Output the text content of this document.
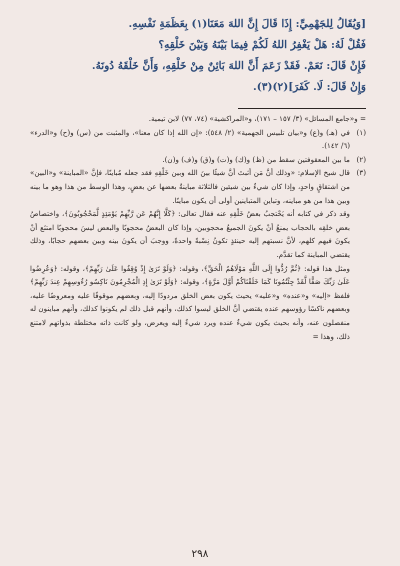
[وَيُقَالُ لِلجَهْمِيِّ: إِذَا قَالَ إِنَّ اللهَ مَعَنَا(١) بِعَظَمَةِ نَفْسِهِ.

فَقُلْ لَهُ: هَلْ يَغْفِرُ اللهُ لَكُمْ فِيمَا بَيْنَهُ وَبَيْنَ خَلْقِهِ؟

فَإِنْ قَالَ: نَعَمْ. فَقَدْ زَعَمَ أَنَّ اللهَ بَائِنٌ مِنْ خَلْقِهِ، وَأَنَّ خَلْقَهُ دُونَهُ.

وَإِنْ قَالَ: لَا. كَفَرَ](٢)(٣).

= و«جامع المسائل» (٣/ ١٥٧ – ١٧١)، و«المراكشية» (٧٤، ٧٧) لابن تيمية.
(١)
في (هـ) و(ع) و«بيان تلبيس الجهمية» (٢/ ٥٤٨): «إن الله إذا كان معنا»، والمثبت من (س) و(ح) و«الدرء» (٦/ ١٤٢).
(٢)
ما بين المعقوفتين سقط من (ظ) و(ك) و(ت) و(ق) و(ف) و(ن).
(٣)
قال شيخ الإسلام: «وذلك أنَّ مَن أثبتَ أنَّ شيئًا بينَ الله وبين خَلْقِهِ فقد جعله مُباينًا، فإنَّ «المباينة» و«البين» من اشتقاقٍ واحدٍ، وإذا كان شيءٌ بين شيئين فالثلاثة مباينةٌ بعضها عن بعضٍ، وهذا الوسط من هذا وهو ما بينه وبين هذا من هو مباينه، وتباين المتباينين أولى أن يكون مباينًا.
وقد ذكر في كتابه أنه يَحْتجبُ بعضُ خَلْقِهِ عنه فقال تعالى: ﴿كَلَّا إِنَّهُمْ عَن رَّبِّهِمْ يَوْمَئِذٍ لَّمَحْجُوبُونَ﴾، واختصاصُ بعضِ خلقِه بالحجاب يمنعُ أنْ يكونَ الجميعُ محجوبين، وإذا كان البعضُ محجوبًا والبعض ليسَ محجوبًا امتنَع أنْ يكونَ فيهم كلهم، لأنَّ نسبتهم إليه حينئذٍ تكونُ نِسْبةً واحدةً، ووجبَ أن يكونَ بينه وبين بعضهم حجابًا، وذلك يقتضي المباينة كما تقدَّم.
ومثل هذا قوله: ﴿ثُمَّ رُدُّوا إِلَى اللَّهِ مَوْلَاهُمُ الْحَقِّ﴾، وقوله: ﴿وَلَوْ تَرَىٰ إِذْ وُقِفُوا عَلَىٰ رَبِّهِمْ﴾، وقوله: ﴿وَعُرِضُوا عَلَىٰ رَبِّكَ صَفًّا لَّقَدْ جِئْتُمُونَا كَمَا خَلَقْنَاكُمْ أَوَّلَ مَرَّةٍ﴾، وقوله: ﴿وَلَوْ تَرَىٰ إِذِ الْمُجْرِمُونَ نَاكِسُو رُءُوسِهِمْ عِندَ رَبِّهِمْ﴾ فلفظ «إليه» و«عنده» و«عليه» يحيث يكون بعض الخلق مردودًا إليه، وبعضهم موقوفًا عليه ومعروضًا عليه، وبعضهم ناكسًا رؤوسهم عنده يقتضي أنَّ الخلق ليسوا كذلك، وأنهم قبل ذلك لم يكونوا كذلك، وأنهم مباينون له منفصلون عنه، وأنه بحيث يكون شيءٌ عنده ويرد شيءٌ إليه ويعرض، ولو كانت ذاته مختلطة بذواتهم لامتنع ذلك، وهذا =
٢٩٨
